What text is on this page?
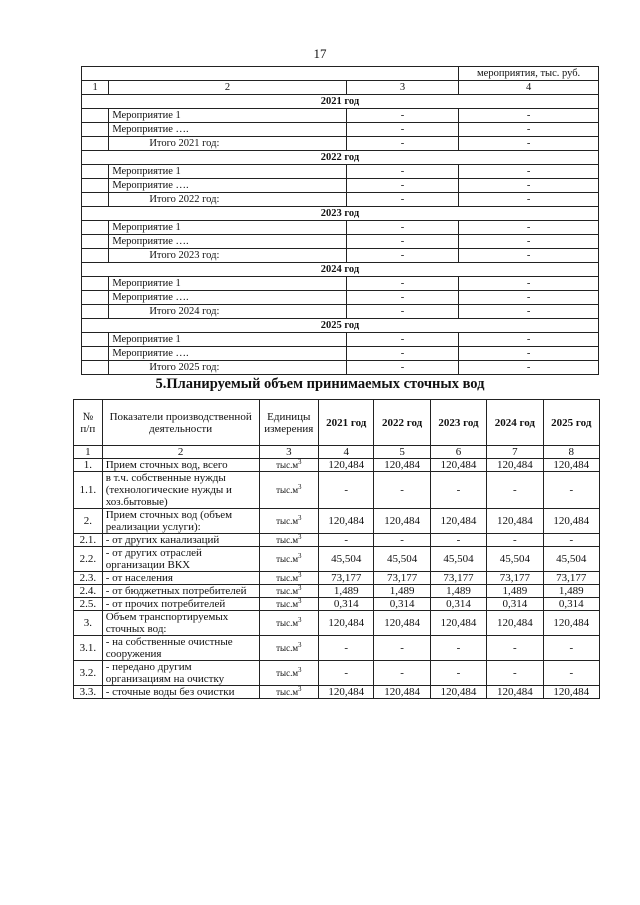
17
			мероприятия, тыс. руб.
1	2	3	4
2021 год			
	Мероприятие 1	-	-
	Мероприятие ….	-	-
	Итого 2021 год:	-	-
2022 год			
	Мероприятие 1	-	-
	Мероприятие ….	-	-
	Итого 2022 год:	-	-
2023 год			
	Мероприятие 1	-	-
	Мероприятие ….	-	-
	Итого 2023 год:	-	-
2024 год			
	Мероприятие 1	-	-
	Мероприятие ….	-	-
	Итого 2024 год:	-	-
2025 год			
	Мероприятие 1	-	-
	Мероприятие ….	-	-
	Итого 2025 год:	-	-
5.Планируемый объем принимаемых сточных вод
№ п/п	Показатели производственной деятельности	Единицы измерения	2021 год	2022 год	2023 год	2024 год	2025 год
1	2	3	4	5	6	7	8
1.	Прием сточных вод, всего	$тыс.м^3$	120,484	120,484	120,484	120,484	120,484
1.1.	в т.ч. собственные нужды (технологические нужды и хоз.бытовые)	$тыс.м^3$	-	-	-	-	-
2.	Прием сточных вод (объем реализации услуги):	$тыс.м^3$	120,484	120,484	120,484	120,484	120,484
2.1.	- от других канализаций	$тыс.м^3$	-	-	-	-	-
2.2.	- от других отраслей организации ВКХ	$тыс.м^3$	45,504	45,504	45,504	45,504	45,504
2.3.	- от населения	$тыс.м^3$	73,177	73,177	73,177	73,177	73,177
2.4.	- от бюджетных потребителей	$тыс.м^3$	1,489	1,489	1,489	1,489	1,489
2.5.	- от прочих потребителей	$тыс.м^3$	0,314	0,314	0,314	0,314	0,314
3.	Объем транспортируемых сточных вод:	$тыс.м^3$	120,484	120,484	120,484	120,484	120,484
3.1.	- на собственные очистные сооружения	$тыс.м^3$	-	-	-	-	-
3.2.	- передано другим организациям на очистку	$тыс.м^3$	-	-	-	-	-
3.3.	- сточные воды без очистки	$тыс.м^3$	120,484	120,484	120,484	120,484	120,484
